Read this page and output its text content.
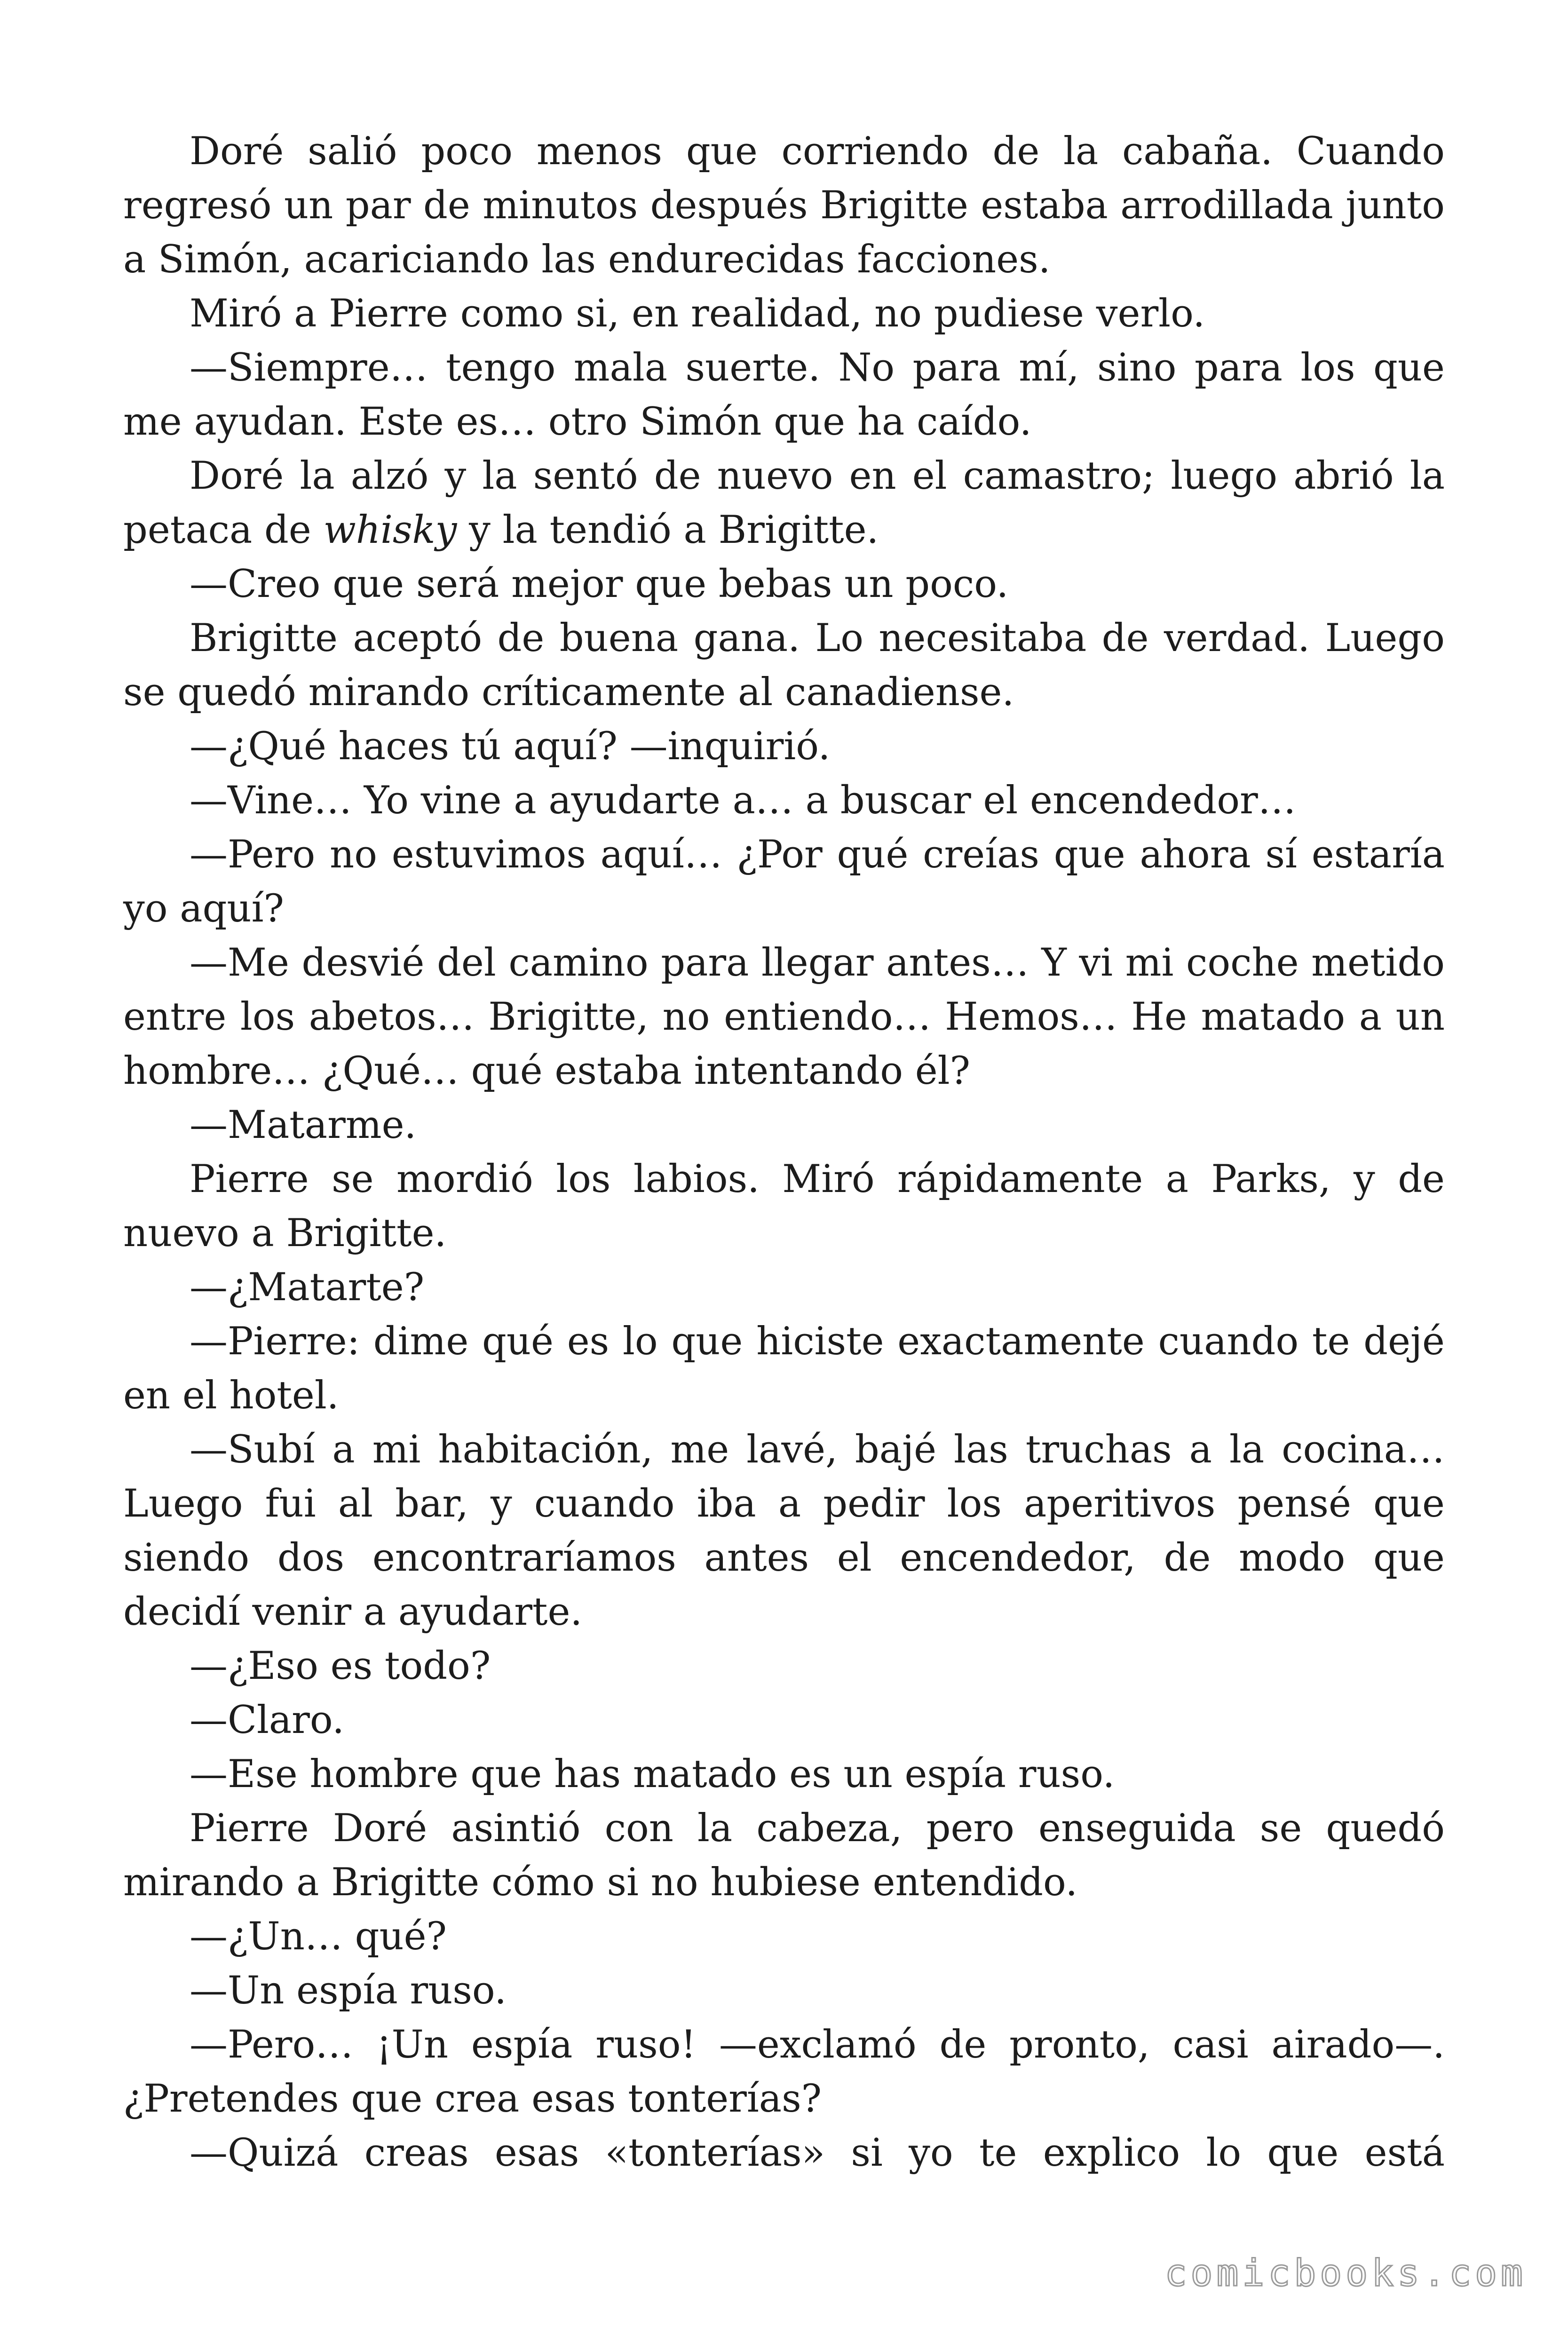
Doré salió poco menos que corriendo de la cabaña. Cuando regresó un par de minutos después Brigitte estaba arrodillada junto a Simón, acariciando las endurecidas facciones.

Miró a Pierre como si, en realidad, no pudiese verlo.

—Siempre… tengo mala suerte. No para mí, sino para los que me ayudan. Este es… otro Simón que ha caído.

Doré la alzó y la sentó de nuevo en el camastro; luego abrió la petaca de whisky y la tendió a Brigitte.

—Creo que será mejor que bebas un poco.

Brigitte aceptó de buena gana. Lo necesitaba de verdad. Luego se quedó mirando críticamente al canadiense.

—¿Qué haces tú aquí? —inquirió.

—Vine… Yo vine a ayudarte a… a buscar el encendedor…

—Pero no estuvimos aquí… ¿Por qué creías que ahora sí estaría yo aquí?

—Me desvié del camino para llegar antes… Y vi mi coche metido entre los abetos… Brigitte, no entiendo… Hemos… He matado a un hombre… ¿Qué… qué estaba intentando él?

—Matarme.

Pierre se mordió los labios. Miró rápidamente a Parks, y de nuevo a Brigitte.

—¿Matarte?

—Pierre: dime qué es lo que hiciste exactamente cuando te dejé en el hotel.

—Subí a mi habitación, me lavé, bajé las truchas a la cocina… Luego fui al bar, y cuando iba a pedir los aperitivos pensé que siendo dos encontraríamos antes el encendedor, de modo que decidí venir a ayudarte.

—¿Eso es todo?

—Claro.

—Ese hombre que has matado es un espía ruso.

Pierre Doré asintió con la cabeza, pero enseguida se quedó mirando a Brigitte cómo si no hubiese entendido.

—¿Un… qué?

—Un espía ruso.

—Pero… ¡Un espía ruso! —exclamó de pronto, casi airado—. ¿Pretendes que crea esas tonterías?

—Quizá creas esas «tonterías» si yo te explico lo que está

comicbooks.com
